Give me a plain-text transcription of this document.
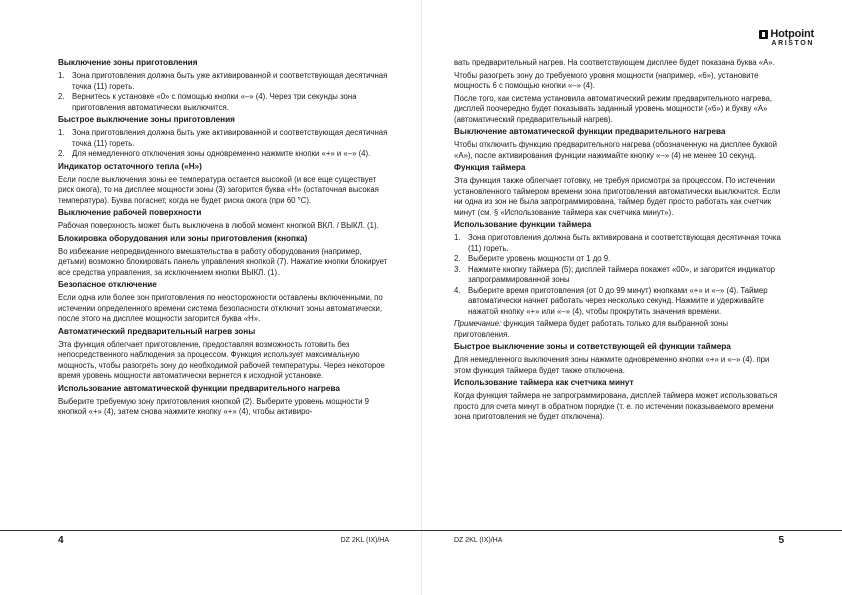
Выключение зоны приготовления
1. Зона приготовления должна быть уже активированной и соответствующая десятичная точка (11) гореть.
2. Вернитесь к установке «0» с помощью кнопки «–» (4). Через три секунды зона приготовления автоматически выключится.
Быстрое выключение зоны приготовления
1. Зона приготовления должна быть уже активированной и соответствующая десятичная точка (11) гореть.
2. Для немедленного отключения зоны одновременно нажмите кнопки «+» и «–» (4).
Индикатор остаточного тепла («Н»)

Если после выключения зоны ее температура остается высокой (и все еще существует риск ожога), то на дисплее мощности зоны (3) загорится буква «Н» (остаточная высокая температура). Буква погаснет, когда не будет риска ожога (при 60 °С).

Выключение рабочей поверхности

Рабочая поверхность может быть выключена в любой момент кнопкой ВКЛ. / ВЫКЛ. (1).

Блокировка оборудования или зоны приготовления (кнопка)

Во избежание непредвиденного вмешательства в работу оборудования (например, детьми) возможно блокировать панель управления кнопкой (7). Нажатие кнопки блокирует все средства управления, за исключением кнопки ВЫКЛ. (1).

Безопасное отключение

Если одна или более зон приготовления по неосторожности оставлены включенными, по истечении определенного времени система безопасности отключит зоны автоматически, после этого на дисплее мощности загорится буква «Н».

Автоматический предварительный нагрев зоны

Эта функция облегчает приготовление, предоставляя возможность готовить без непосредственного наблюдения за процессом. Функция использует максимальную мощность, чтобы разогреть зону до необходимой рабочей температуры. Через некоторое время уровень мощности автоматически вернется к исходной установке.

Использование автоматической функции предварительного нагрева

Выберите требуемую зону приготовления кнопкой (2). Выберите уровень мощности 9 кнопкой «+» (4), затем снова нажмите кнопку «+» (4), чтобы активиро-

Hotpoint
ARISTON

вать предварительный нагрев. На соответствующем дисплее будет показана буква «А».

Чтобы разогреть зону до требуемого уровня мощности (например, «6»), установите мощность 6 с помощью кнопки «–» (4).

После того, как система установила автоматический режим предварительного нагрева, дисплей поочередно будет показывать заданный уровень мощности («6») и букву «А» (автоматический предварительный нагрев).

Выключение автоматической функции предварительного нагрева

Чтобы отключить функцию предварительного нагрева (обозначенную на дисплее буквой «А»), после активирования функции нажимайте кнопку «–» (4) не менее 10 секунд.

Функция таймера

Эта функция также облегчает готовку, не требуя присмотра за процессом. По истечении установленного таймером времени зона приготовления автоматически выключится. Если ни одна из зон не была запрограммирована, таймер будет просто работать как счетчик минут (см. § «Использование таймера как счетчика минут»).

Использование функции таймера
1. Зона приготовления должна быть активирована и соответствующая десятичная точка (11) гореть.
2. Выберите уровень мощности от 1 до 9.
3. Нажмите кнопку таймера (5); дисплей таймера покажет «00», и загорится индикатор запрограммированной зоны
4. Выберите время приготовления (от 0 до 99 минут) кнопками «+» и «–» (4). Таймер автоматически начнет работать через несколько секунд. Нажмите и удерживайте нажатой кнопку «+» или «–» (4), чтобы прокрутить значения времени.

Примечание: функция таймера будет работать только для выбранной зоны приготовления.

Быстрое выключение зоны и сответствующей ей функции таймера

Для немедленного выключения зоны нажмите одновременно кнопки «+» и «–» (4). при этом функция таймера будет также отключена.

Использование таймера как счетчика минут

Когда функция таймера не запрограммирована, дисплей таймера может использоваться просто для счета минут в обратном порядке (т. е. по истечении показываемого времени зона приготовления не будет отключена).

4	DZ 2KL (IX)/HA	DZ 2KL (IX)/HA	5
